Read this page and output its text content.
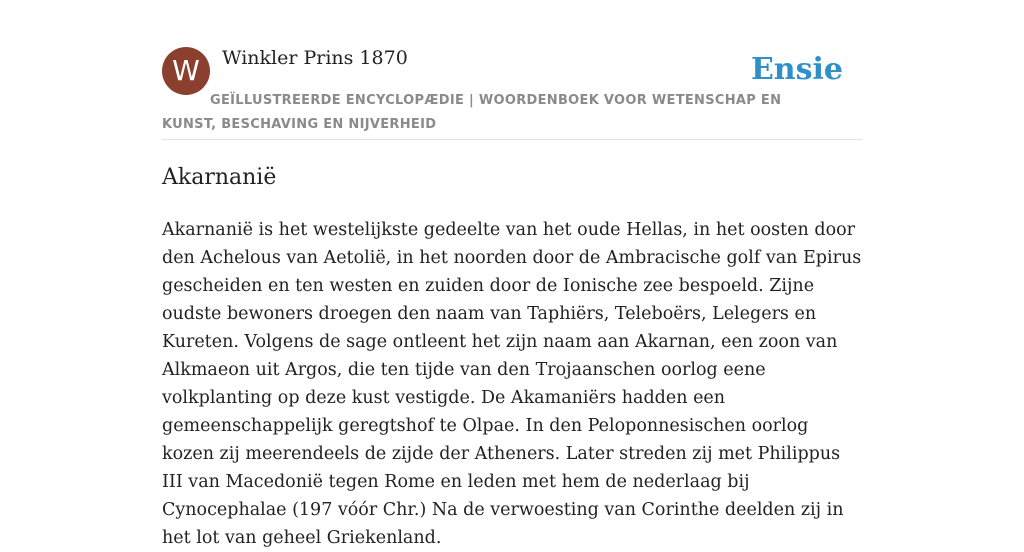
W	Winkler Prins 1870	Ensie
GEÏLLUSTREERDE ENCYCLOPÆDIE | WOORDENBOEK VOOR WETENSCHAP EN KUNST, BESCHAVING EN NIJVERHEID
Akarnanië

Akarnanië is het westelijkste gedeelte van het oude Hellas, in het oosten door den Achelous van Aetolië, in het noorden door de Ambracische golf van Epirus gescheiden en ten westen en zuiden door de Ionische zee bespoeld. Zijne oudste bewoners droegen den naam van Taphiërs, Teleboërs, Lelegers en Kureten. Volgens de sage ontleent het zijn naam aan Akarnan, een zoon van Alkmaeon uit Argos, die ten tijde van den Trojaanschen oorlog eene volkplanting op deze kust vestigde. De Akamaniërs hadden een gemeenschappelijk geregtshof te Olpae. In den Peloponnesischen oorlog kozen zij meerendeels de zijde der Atheners. Later streden zij met Philippus III van Macedonië tegen Rome en leden met hem de nederlaag bij Cynocephalae (197 vóór Chr.) Na de verwoesting van Corinthe deelden zij in het lot van geheel Griekenland.
